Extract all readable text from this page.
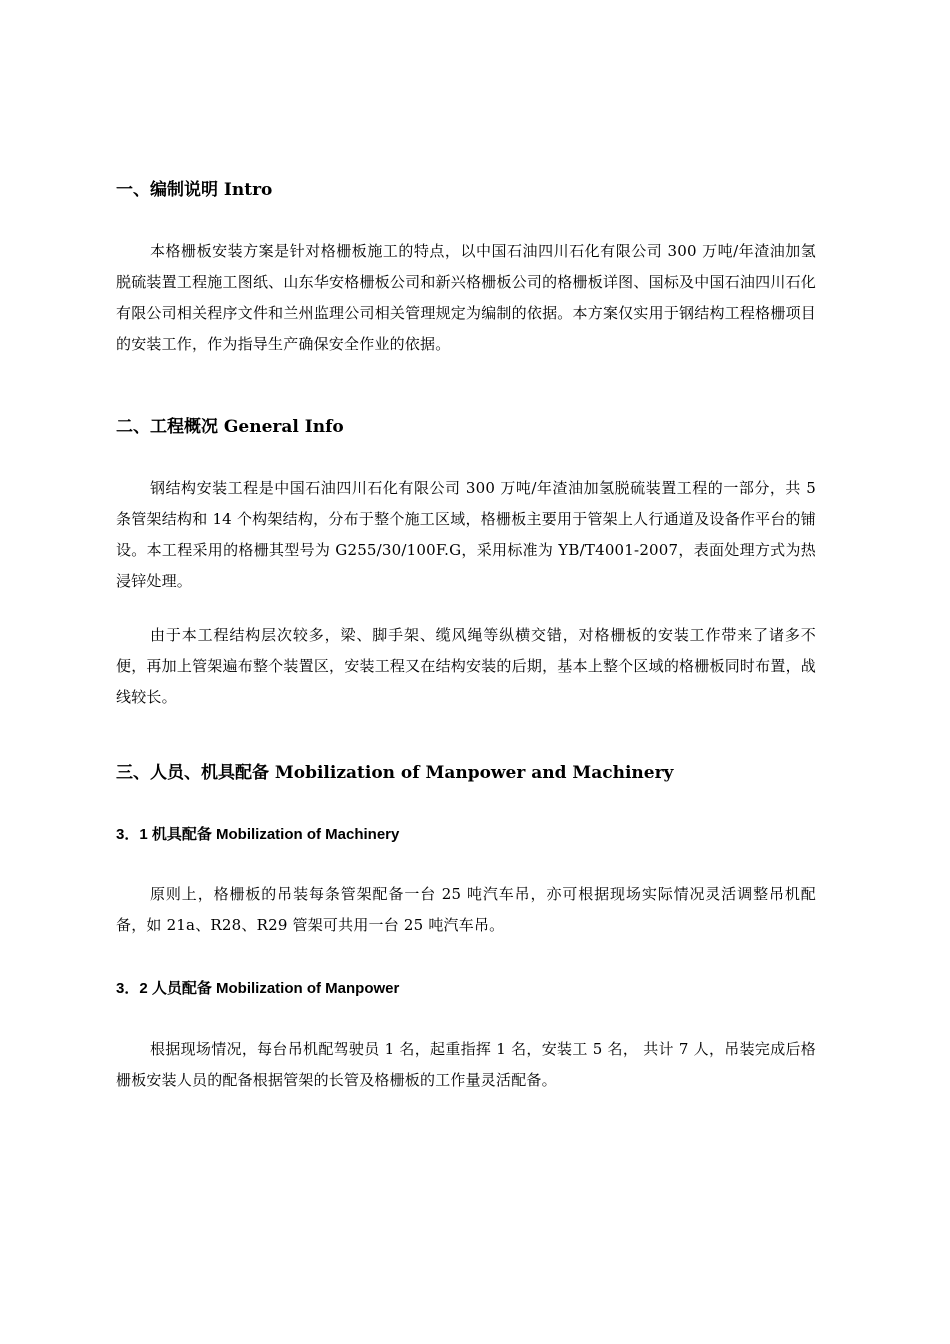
一、编制说明 Intro
本格栅板安装方案是针对格栅板施工的特点，以中国石油四川石化有限公司 300 万吨/年渣油加氢脱硫装置工程施工图纸、山东华安格栅板公司和新兴格栅板公司的格栅板详图、国标及中国石油四川石化有限公司相关程序文件和兰州监理公司相关管理规定为编制的依据。本方案仅实用于钢结构工程格栅项目的安装工作，作为指导生产确保安全作业的依据。
二、工程概况 General Info
钢结构安装工程是中国石油四川石化有限公司 300 万吨/年渣油加氢脱硫装置工程的一部分，共 5 条管架结构和 14 个构架结构，分布于整个施工区域，格栅板主要用于管架上人行通道及设备作平台的铺设。本工程采用的格栅其型号为 G255/30/100F.G，采用标准为 YB/T4001-2007，表面处理方式为热浸锌处理。
由于本工程结构层次较多，梁、脚手架、缆风绳等纵横交错，对格栅板的安装工作带来了诸多不便，再加上管架遍布整个装置区，安装工程又在结构安装的后期，基本上整个区域的格栅板同时布置，战线较长。
三、人员、机具配备 Mobilization of Manpower and Machinery
3．1 机具配备 Mobilization of Machinery
原则上，格栅板的吊装每条管架配备一台 25 吨汽车吊，亦可根据现场实际情况灵活调整吊机配备，如 21a、R28、R29 管架可共用一台 25 吨汽车吊。
3．2 人员配备 Mobilization of Manpower
根据现场情况，每台吊机配驾驶员 1 名，起重指挥 1 名，安装工 5 名， 共计 7 人，吊装完成后格栅板安装人员的配备根据管架的长管及格栅板的工作量灵活配备。
